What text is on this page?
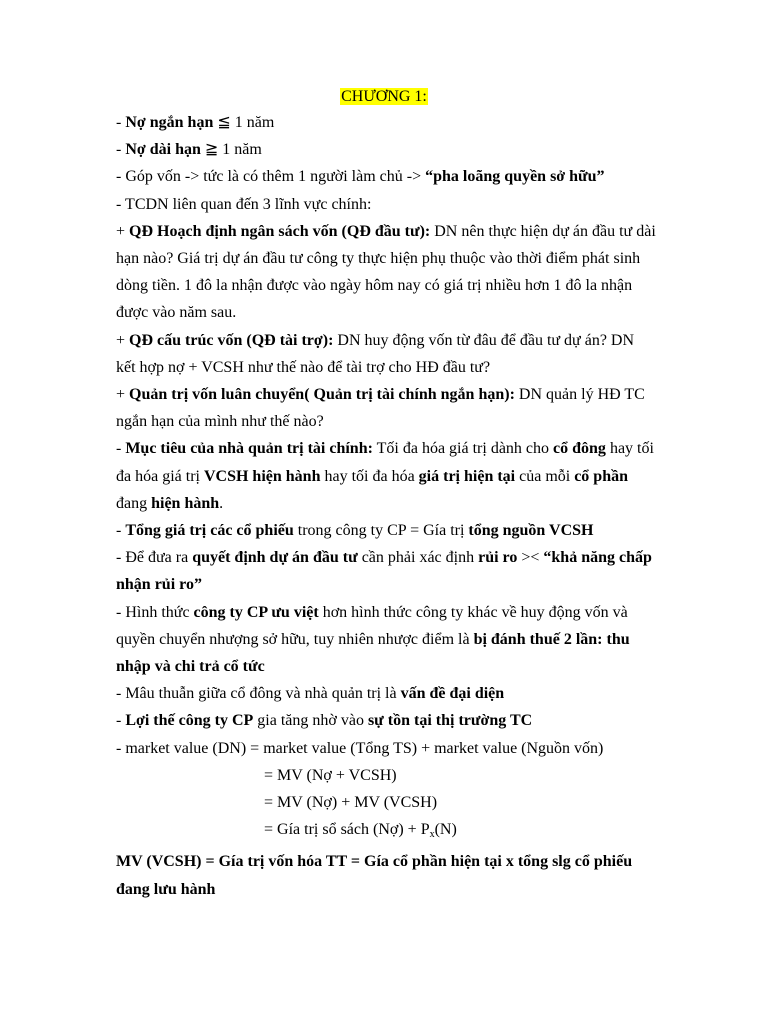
CHƯƠNG 1:
- Nợ ngắn hạn ≦ 1 năm
- Nợ dài hạn ≧ 1 năm
- Góp vốn -> tức là có thêm 1 người làm chủ -> “pha loãng quyền sở hữu”
- TCDN liên quan đến 3 lĩnh vực chính:
+ QĐ Hoạch định ngân sách vốn (QĐ đầu tư): DN nên thực hiện dự án đầu tư dài hạn nào? Giá trị dự án đầu tư công ty thực hiện phụ thuộc vào thời điểm phát sinh dòng tiền. 1 đô la nhận được vào ngày hôm nay có giá trị nhiều hơn 1 đô la nhận được vào năm sau.
+ QĐ cấu trúc vốn (QĐ tài trợ): DN huy động vốn từ đâu để đầu tư dự án? DN kết hợp nợ + VCSH như thế nào để tài trợ cho HĐ đầu tư?
+ Quản trị vốn luân chuyển( Quản trị tài chính ngắn hạn): DN quản lý HĐ TC ngắn hạn của mình như thế nào?
- Mục tiêu của nhà quản trị tài chính: Tối đa hóa giá trị dành cho cổ đông hay tối đa hóa giá trị VCSH hiện hành hay tối đa hóa giá trị hiện tại của mỗi cổ phần đang hiện hành.
- Tổng giá trị các cổ phiếu trong công ty CP = Gía trị tổng nguồn VCSH
- Để đưa ra quyết định dự án đầu tư cần phải xác định rủi ro >< “khả năng chấp nhận rủi ro”
- Hình thức công ty CP ưu việt hơn hình thức công ty khác về huy động vốn và quyền chuyển nhượng sở hữu, tuy nhiên nhược điểm là bị đánh thuế 2 lần: thu nhập và chi trả cổ tức
- Mâu thuẫn giữa cổ đông và nhà quản trị là vấn đề đại diện
- Lợi thế công ty CP gia tăng nhờ vào sự tồn tại thị trường TC
- market value (DN) = market value (Tổng TS) + market value (Nguồn vốn)
= MV (Nợ + VCSH)
= MV (Nợ) + MV (VCSH)
= Gía trị sổ sách (Nợ) + $P_x(N)$
MV (VCSH) = Gía trị vốn hóa TT = Gía cổ phần hiện tại x tổng slg cổ phiếu đang lưu hành
